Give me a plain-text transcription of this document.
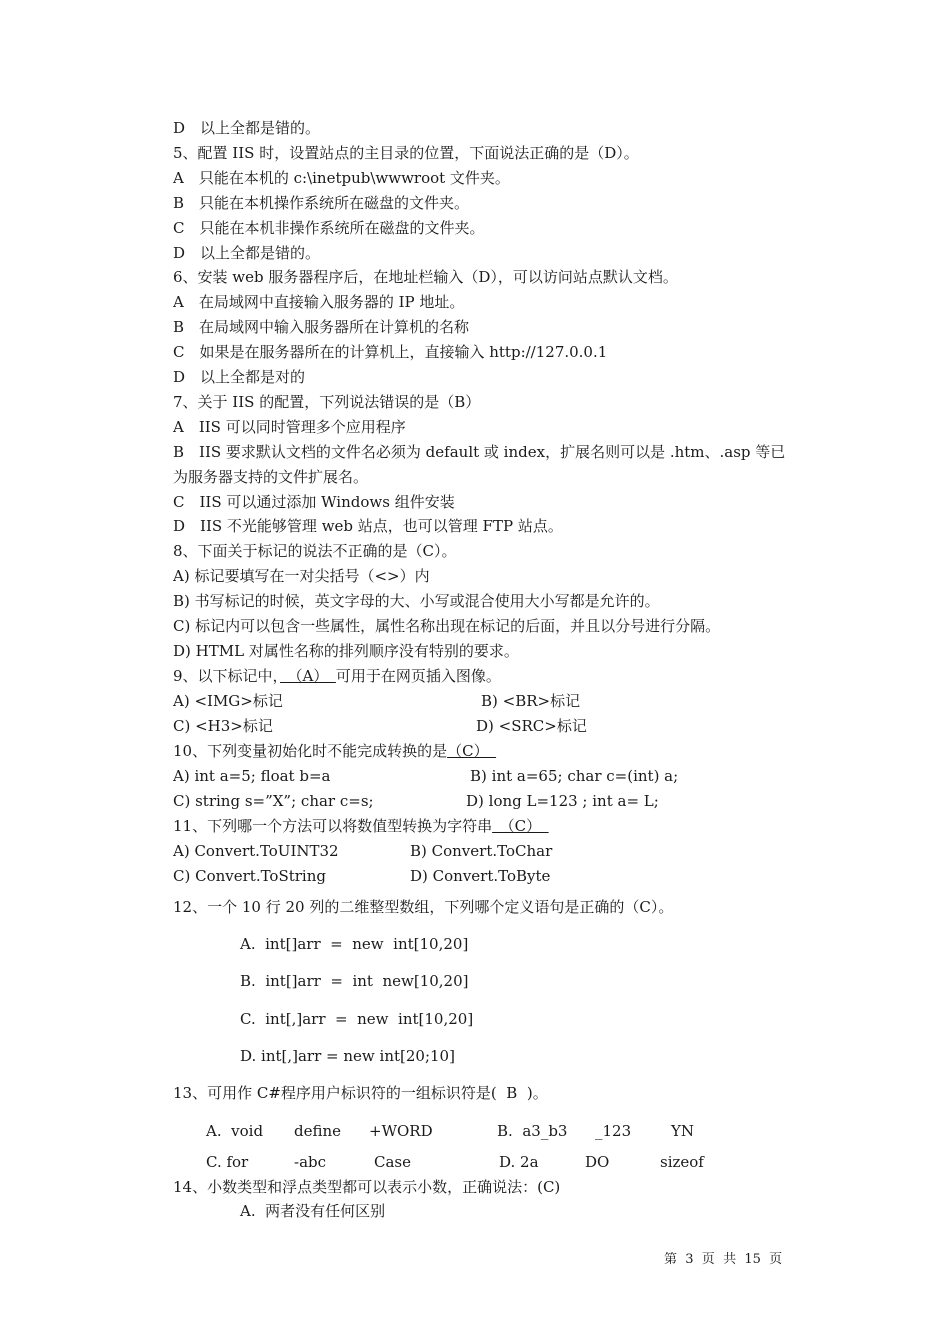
D　以上全都是错的。
5、配置 IIS 时，设置站点的主目录的位置，下面说法正确的是（D）。
A　只能在本机的 c:\inetpub\wwwroot 文件夹。
B　只能在本机操作系统所在磁盘的文件夹。
C　只能在本机非操作系统所在磁盘的文件夹。
D　以上全都是错的。
6、安装 web 服务器程序后，在地址栏输入（D），可以访问站点默认文档。
A　在局域网中直接输入服务器的 IP 地址。
B　在局域网中输入服务器所在计算机的名称
C　如果是在服务器所在的计算机上，直接输入 http://127.0.0.1
D　以上全都是对的
7、关于 IIS 的配置，下列说法错误的是（B）
A　IIS 可以同时管理多个应用程序
B　IIS 要求默认文档的文件名必须为 default 或 index，扩展名则可以是 .htm、.asp 等已
为服务器支持的文件扩展名。
C　IIS 可以通过添加 Windows 组件安装
D　IIS 不光能够管理 web 站点，也可以管理 FTP 站点。
8、下面关于标记的说法不正确的是（C）。
A) 标记要填写在一对尖括号（<>）内
B) 书写标记的时候，英文字母的大、小写或混合使用大小写都是允许的。
C) 标记内可以包含一些属性，属性名称出现在标记的后面，并且以分号进行分隔。
D) HTML 对属性名称的排列顺序没有特别的要求。
9、以下标记中，　（A）　可用于在网页插入图像。
A) <IMG>标记	B) <BR>标记
C) <H3>标记	D) <SRC>标记
10、下列变量初始化时不能完成转换的是（C）　
A) int a=5; float b=a	B) int a=65; char c=(int) a;
C) string s=”X”; char c=s;	D) long L=123 ; int a= L;
11、下列哪一个方法可以将数值型转换为字符串　（C）　
A) Convert.ToUINT32	B) Convert.ToChar
C) Convert.ToString	D) Convert.ToByte
12、一个 10 行 20 列的二维整型数组，下列哪个定义语句是正确的（C）。
A.  int[]arr  =  new  int[10,20]
B.  int[]arr  =  int  new[10,20]
C.  int[,]arr  =  new  int[10,20]
D. int[,]arr = new int[20;10]
13、可用作 C#程序用户标识符的一组标识符是(  B  )。
A.  void define +WORD	B.  a3_b3 _123	YN
C. for	-abc	Case	D. 2a	DO	sizeof
14、小数类型和浮点类型都可以表示小数，正确说法：(C)
A.  两者没有任何区别
第  3  页  共  15  页
